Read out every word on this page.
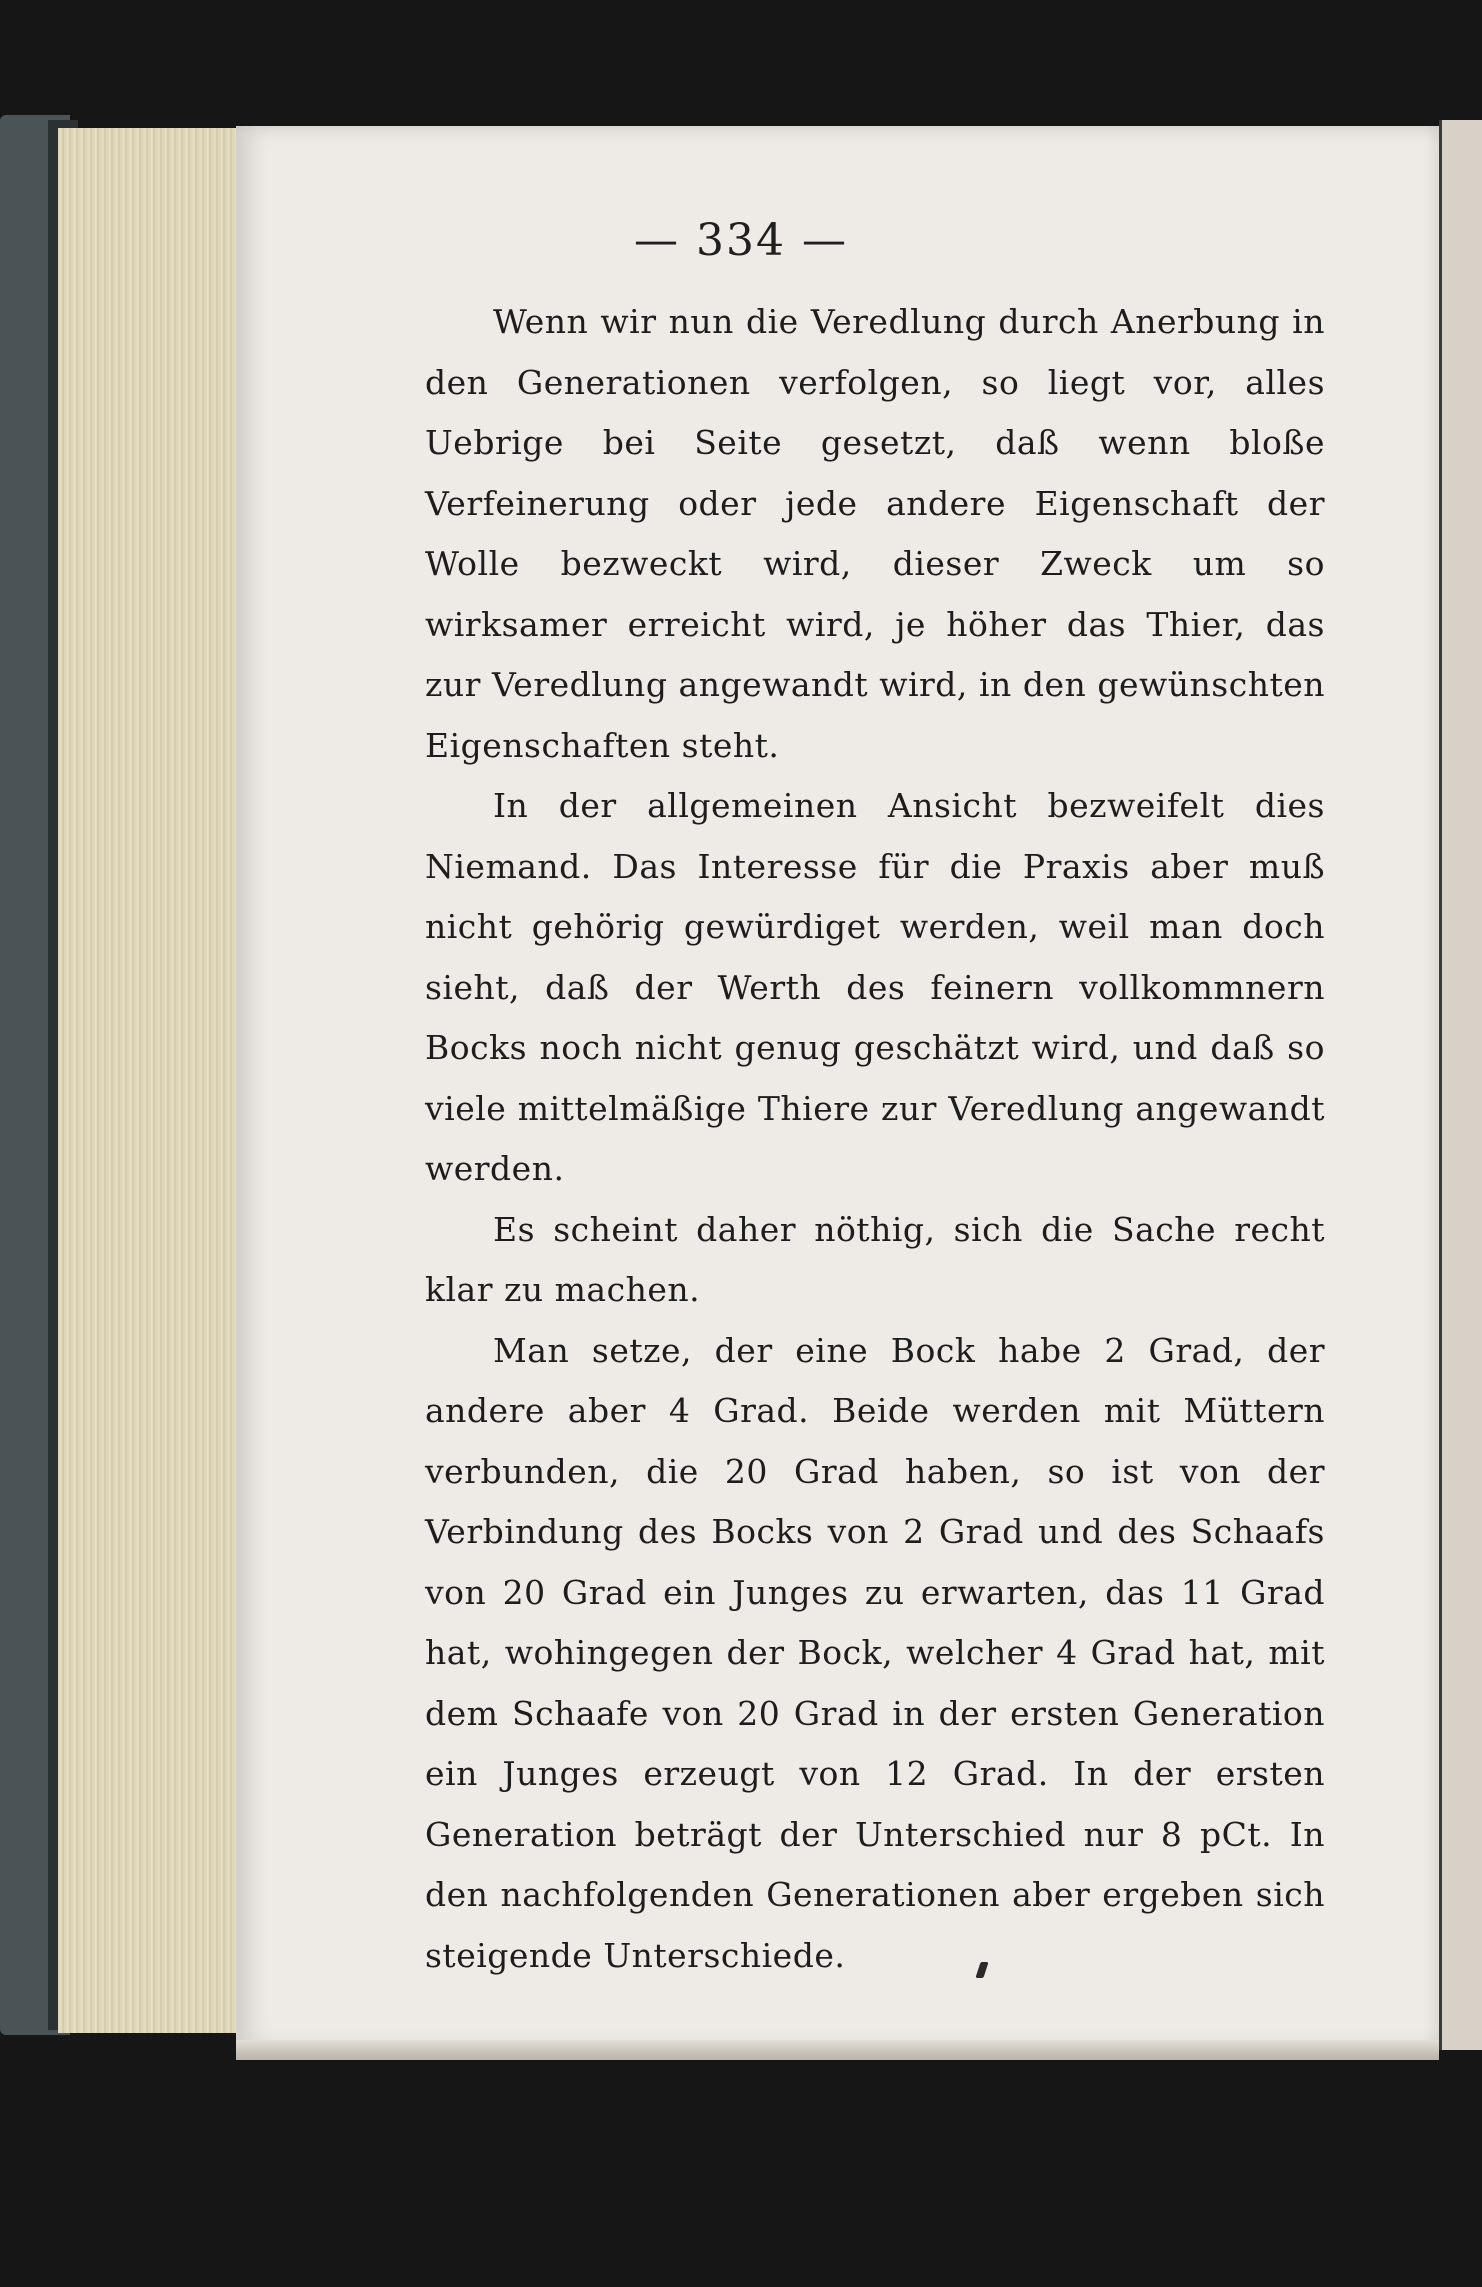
— 334 —

Wenn wir nun die Veredlung durch Anerbung in den Generationen verfolgen, so liegt vor, alles Uebrige bei Seite gesetzt, daß wenn bloße Verfeinerung oder jede andere Eigenschaft der Wolle bezweckt wird, dieser Zweck um so wirksamer erreicht wird, je höher das Thier, das zur Veredlung angewandt wird, in den gewünschten Eigenschaften steht.

In der allgemeinen Ansicht bezweifelt dies Niemand. Das Interesse für die Praxis aber muß nicht gehörig gewürdiget werden, weil man doch sieht, daß der Werth des feinern vollkommnern Bocks noch nicht genug geschätzt wird, und daß so viele mittelmäßige Thiere zur Veredlung angewandt werden.

Es scheint daher nöthig, sich die Sache recht klar zu machen.

Man setze, der eine Bock habe 2 Grad, der andere aber 4 Grad. Beide werden mit Müttern verbunden, die 20 Grad haben, so ist von der Verbindung des Bocks von 2 Grad und des Schaafs von 20 Grad ein Junges zu erwarten, das 11 Grad hat, wohingegen der Bock, welcher 4 Grad hat, mit dem Schaafe von 20 Grad in der ersten Generation ein Junges erzeugt von 12 Grad. In der ersten Generation beträgt der Unterschied nur 8 pCt. In den nachfolgenden Generationen aber ergeben sich steigende Unterschiede.
